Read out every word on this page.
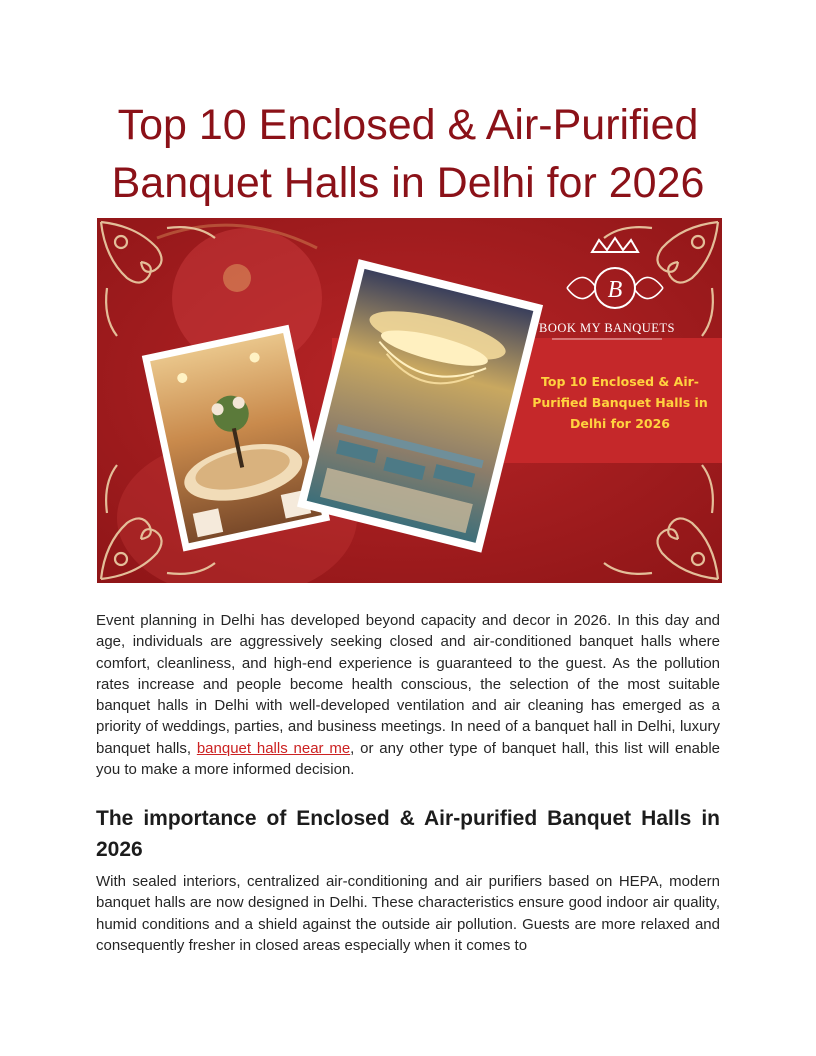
Top 10 Enclosed & Air-Purified Banquet Halls in Delhi for 2026
B
BOOK MY BANQUETS
Top 10 Enclosed & Air-
Purified Banquet Halls in
Delhi for 2026

Event planning in Delhi has developed beyond capacity and decor in 2026. In this day and age, individuals are aggressively seeking closed and air-conditioned banquet halls where comfort, cleanliness, and high-end experience is guaranteed to the guest. As the pollution rates increase and people become health conscious, the selection of the most suitable banquet halls in Delhi with well-developed ventilation and air cleaning has emerged as a priority of weddings, parties, and business meetings. In need of a banquet hall in Delhi, luxury banquet halls, banquet halls near me, or any other type of banquet hall, this list will enable you to make a more informed decision.

The importance of Enclosed & Air-purified Banquet Halls in 2026

With sealed interiors, centralized air-conditioning and air purifiers based on HEPA, modern banquet halls are now designed in Delhi. These characteristics ensure good indoor air quality, humid conditions and a shield against the outside air pollution. Guests are more relaxed and consequently fresher in closed areas especially when it comes to
